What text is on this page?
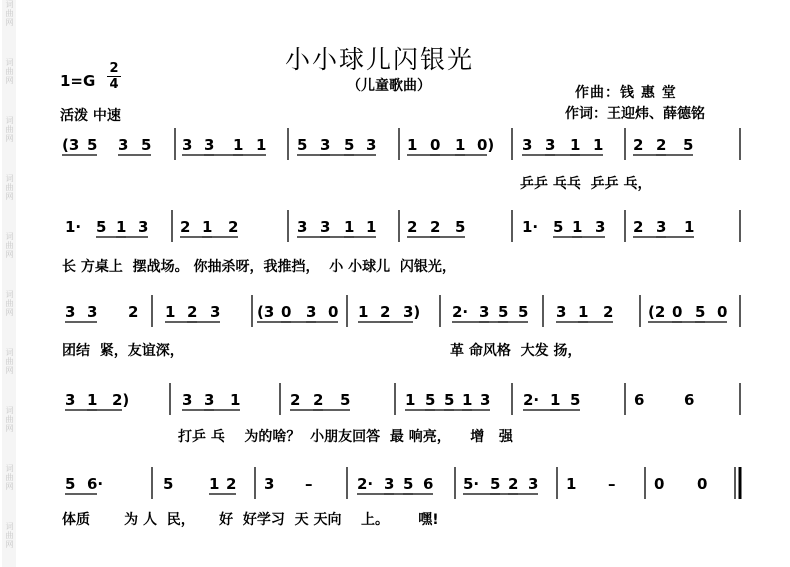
词曲网
词曲网
词曲网
词曲网
词曲网
词曲网
词曲网
词曲网
词曲网
词曲网
小小球儿闪银光
（儿童歌曲）
1=G
2
4
活泼 中速
作曲：钱 惠 堂
作词：王迎炜、薛德铭
(3 5 3 5 3 3 1 1 5 3 5 3 1 0 1 0) 3 3 1 1 2 2 5
乒乒 乓乓  乒乒 乓，
1· 5 1 3 2 1 2	3 3 1 1 2 2 5	1· 5 1 3 2 3 1
长 方桌上  摆战场。 你抽杀呀，我推挡，  小 小球儿  闪银光，
3 3 2 1 2 3 (3 0 3 0 1 2 3) 2· 3 5 5 3 1 2 (2 0 5 0
团结  紧，友谊深，	革 命风格  大发 扬，
3 1 2)	3 3 1	2 2 5	1 5 5 1 3 2· 1 5	6	6
打乒 乓    为的啥？  小朋友回答  最 响亮，    增   强
5 6·	5 1 2 3 –	2· 3 5 6 5· 5 2 3 1 –	0 0
体质       为 人  民，     好  好学习  天 天向    上。      嘿!
